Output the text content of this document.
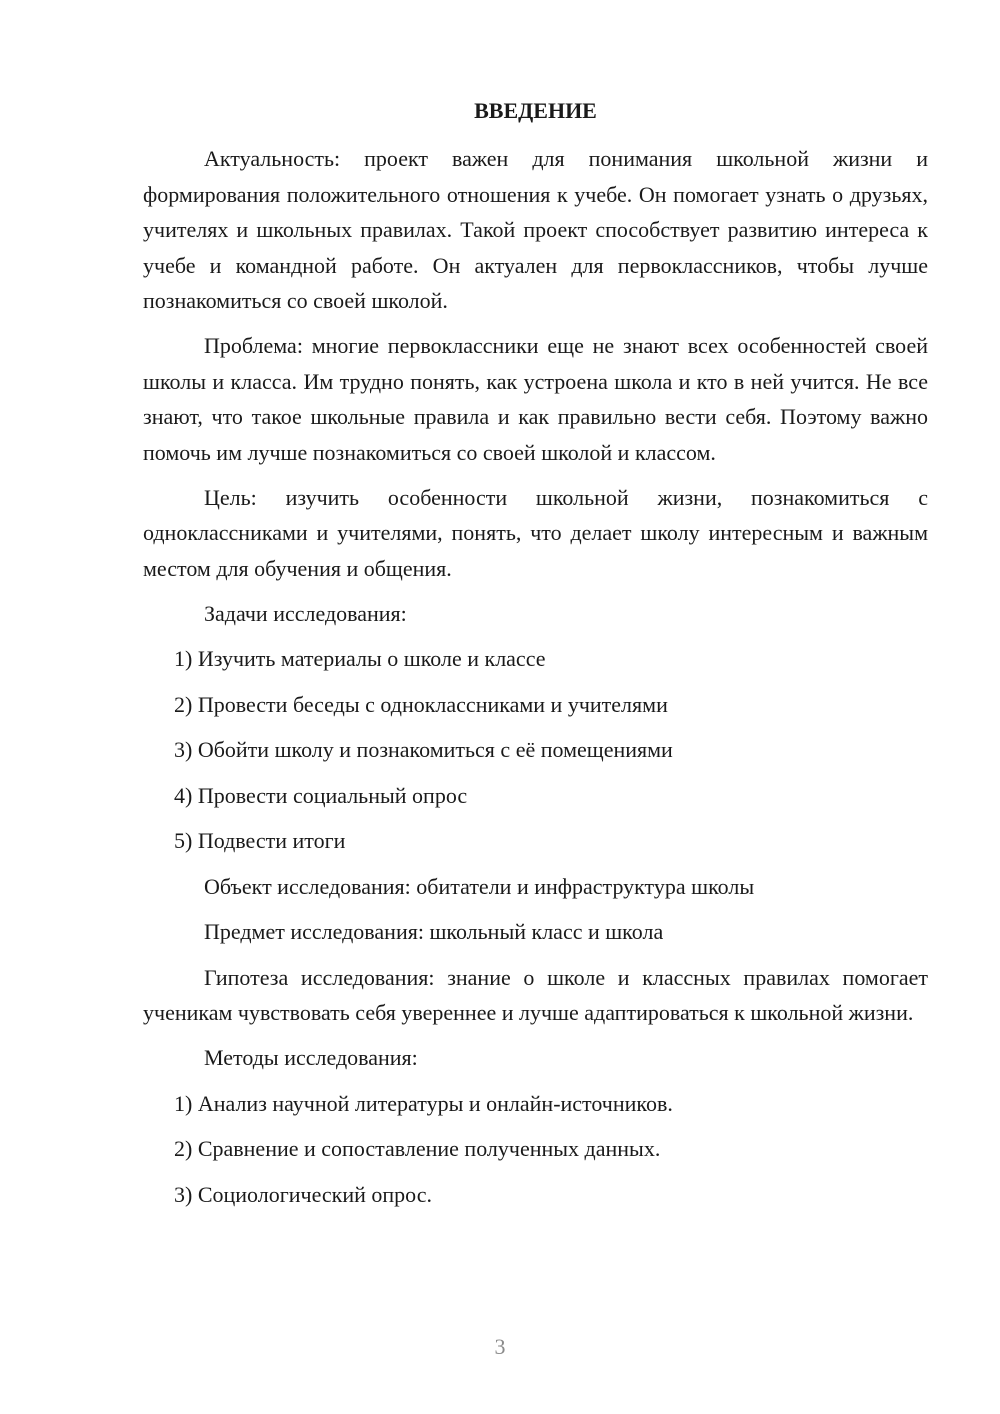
ВВЕДЕНИЕ

Актуальность: проект важен для понимания школьной жизни и формирования положительного отношения к учебе. Он помогает узнать о друзьях, учителях и школьных правилах. Такой проект способствует развитию интереса к учебе и командной работе. Он актуален для первоклассников, чтобы лучше познакомиться со своей школой.

Проблема: многие первоклассники еще не знают всех особенностей своей школы и класса. Им трудно понять, как устроена школа и кто в ней учится. Не все знают, что такое школьные правила и как правильно вести себя. Поэтому важно помочь им лучше познакомиться со своей школой и классом.

Цель: изучить особенности школьной жизни, познакомиться с одноклассниками и учителями, понять, что делает школу интересным и важным местом для обучения и общения.

Задачи исследования:
1) Изучить материалы о школе и классе
2) Провести беседы с одноклассниками и учителями
3) Обойти школу и познакомиться с её помещениями
4) Провести социальный опрос
5) Подвести итоги
Объект исследования: обитатели и инфраструктура школы
Предмет исследования: школьный класс и школа

Гипотеза исследования: знание о школе и классных правилах помогает ученикам чувствовать себя увереннее и лучше адаптироваться к школьной жизни.

Методы исследования:
1) Анализ научной литературы и онлайн-источников.
2) Сравнение и сопоставление полученных данных.
3) Социологический опрос.
3
